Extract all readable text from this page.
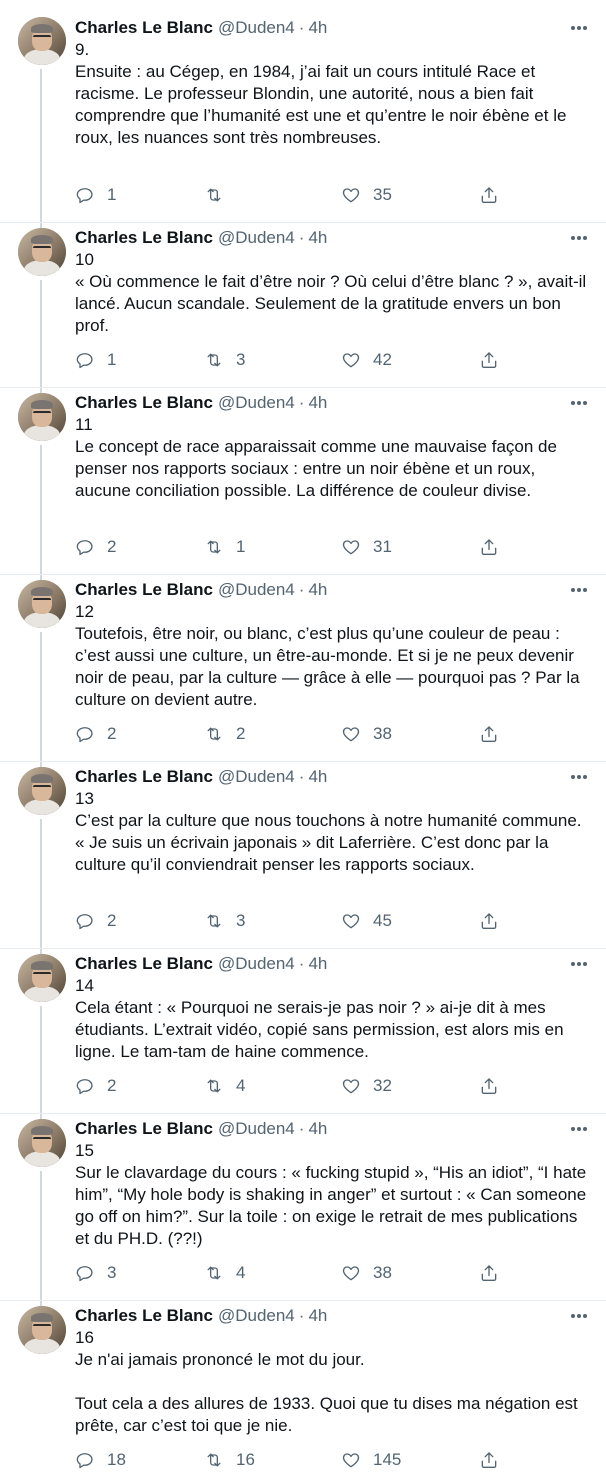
Charles Le Blanc @Duden4 · 4h

9.
Ensuite : au Cégep, en 1984, j’ai fait un cours intitulé Race et racisme. Le professeur Blondin, une autorité, nous a bien fait comprendre que l’humanité est une et qu’entre le noir ébène et le roux, les nuances sont très nombreuses.

1	35
Charles Le Blanc @Duden4 · 4h

10
« Où commence le fait d’être noir ? Où celui d’être blanc ? », avait-il lancé. Aucun scandale. Seulement de la gratitude envers un bon prof.

1	3	42
Charles Le Blanc @Duden4 · 4h

11
Le concept de race apparaissait comme une mauvaise façon de penser nos rapports sociaux : entre un noir ébène et un roux, aucune conciliation possible. La différence de couleur divise.

2	1	31
Charles Le Blanc @Duden4 · 4h

12
Toutefois, être noir, ou blanc, c’est plus qu’une couleur de peau : c’est aussi une culture, un être-au-monde. Et si je ne peux devenir noir de peau, par la culture — grâce à elle — pourquoi pas ? Par la culture on devient autre.

2	2	38
Charles Le Blanc @Duden4 · 4h

13
C’est par la culture que nous touchons à notre humanité commune. « Je suis un écrivain japonais » dit Laferrière. C’est donc par la culture qu’il conviendrait penser les rapports sociaux.

2	3	45
Charles Le Blanc @Duden4 · 4h

14
Cela étant : « Pourquoi ne serais-je pas noir ? » ai-je dit à mes étudiants. L’extrait vidéo, copié sans permission, est alors mis en ligne. Le tam-tam de haine commence.

2	4	32
Charles Le Blanc @Duden4 · 4h

15
Sur le clavardage du cours : « fucking stupid », “His an idiot”, “I hate him”, “My hole body is shaking in anger” et surtout : « Can someone go off on him?”. Sur la toile : on exige le retrait de mes publications et du PH.D. (??!)

3	4	38
Charles Le Blanc @Duden4 · 4h

16
Je n'ai jamais prononcé le mot du jour.

Tout cela a des allures de 1933. Quoi que tu dises ma négation est prête, car c’est toi que je nie.

18	16	145
